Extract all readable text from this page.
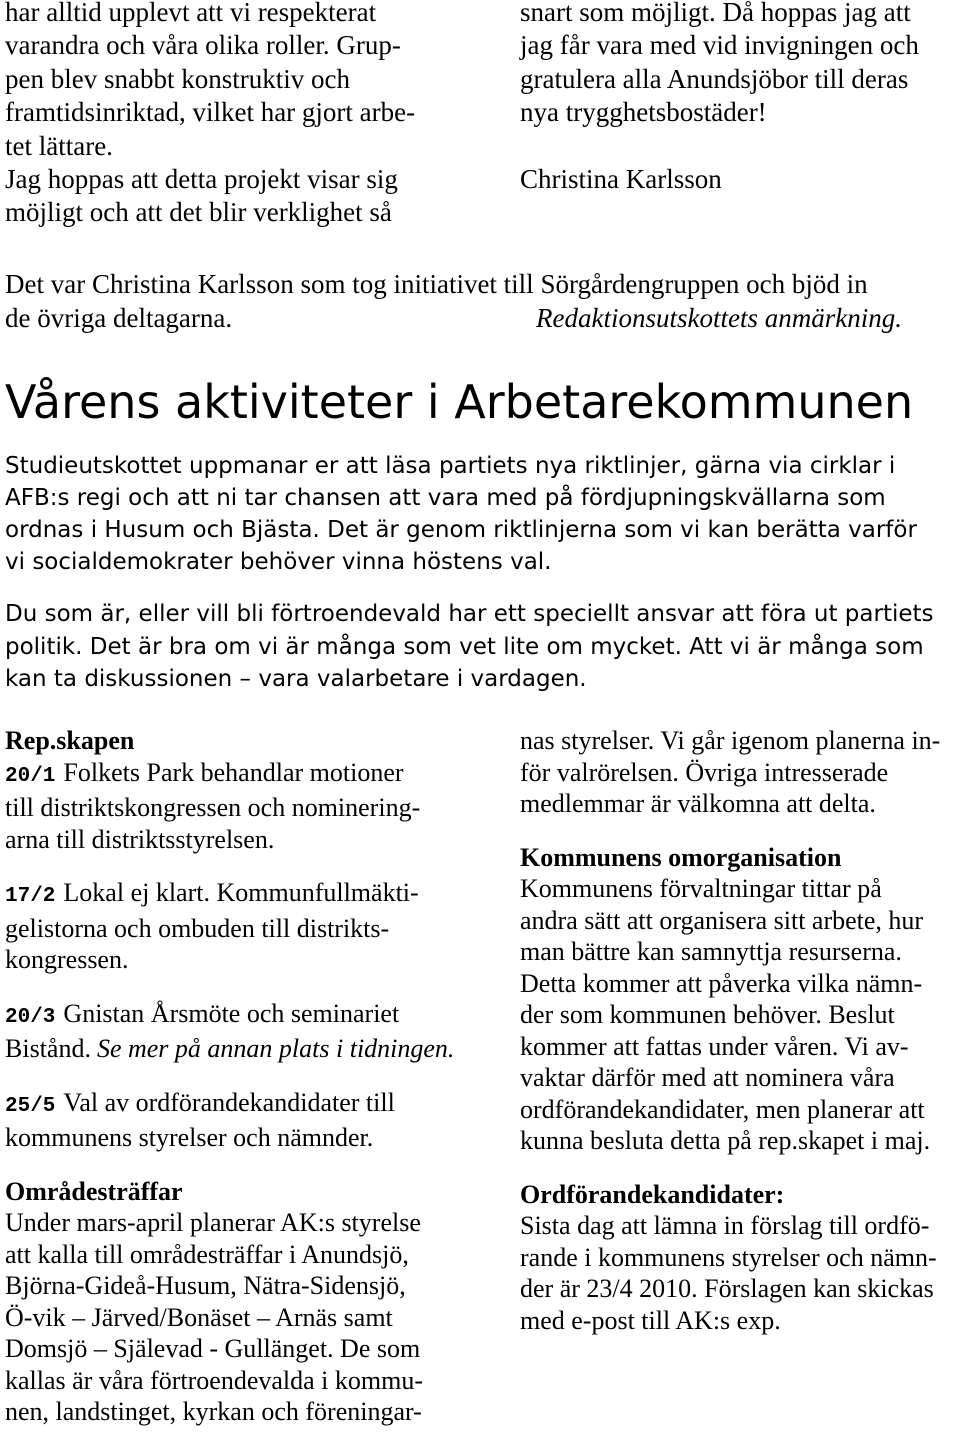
har alltid upplevt att vi respekterat
varandra och våra olika roller. Grup-
pen blev snabbt konstruktiv och
framtidsinriktad, vilket har gjort arbe-
tet lättare.
Jag hoppas att detta projekt visar sig
möjligt och att det blir verklighet så
snart som möjligt. Då hoppas jag att
jag får vara med vid invigningen och
gratulera alla Anundsjöbor till deras
nya trygghetsbostäder!
Christina Karlsson
Det var Christina Karlsson som tog initiativet till Sörgårdengruppen och bjöd in
de övriga deltagarna.	Redaktionsutskottets anmärkning.
Vårens aktiviteter i Arbetarekommunen
Studieutskottet uppmanar er att läsa partiets nya riktlinjer, gärna via cirklar i
AFB:s regi och att ni tar chansen att vara med på fördjupningskvällarna som
ordnas i Husum och Bjästa. Det är genom riktlinjerna som vi kan berätta varför
vi socialdemokrater behöver vinna höstens val.
Du som är, eller vill bli förtroendevald har ett speciellt ansvar att föra ut partiets
politik. Det är bra om vi är många som vet lite om mycket. Att vi är många som
kan ta diskussionen – vara valarbetare i vardagen.
Rep.skapen
20/1 Folkets Park behandlar motioner
till distriktskongressen och nominering-
arna till distriktsstyrelsen.
17/2 Lokal ej klart. Kommunfullmäkti-
gelistorna och ombuden till distrikts-
kongressen.
20/3 Gnistan Årsmöte och seminariet
Bistånd. Se mer på annan plats i tidningen.
25/5 Val av ordförandekandidater till
kommunens styrelser och nämnder.
Områdesträffar
Under mars-april planerar AK:s styrelse
att kalla till områdesträffar i Anundsjö,
Björna-Gideå-Husum, Nätra-Sidensjö,
Ö-vik – Järved/Bonäset – Arnäs samt
Domsjö – Själevad - Gullänget. De som
kallas är våra förtroendevalda i kommu-
nen, landstinget, kyrkan och föreningar-
nas styrelser. Vi går igenom planerna in-
för valrörelsen. Övriga intresserade
medlemmar är välkomna att delta.
Kommunens omorganisation
Kommunens förvaltningar tittar på
andra sätt att organisera sitt arbete, hur
man bättre kan samnyttja resurserna.
Detta kommer att påverka vilka nämn-
der som kommunen behöver. Beslut
kommer att fattas under våren. Vi av-
vaktar därför med att nominera våra
ordförandekandidater, men planerar att
kunna besluta detta på rep.skapet i maj.
Ordförandekandidater:
Sista dag att lämna in förslag till ordfö-
rande i kommunens styrelser och nämn-
der är 23/4 2010. Förslagen kan skickas
med e-post till AK:s exp.
